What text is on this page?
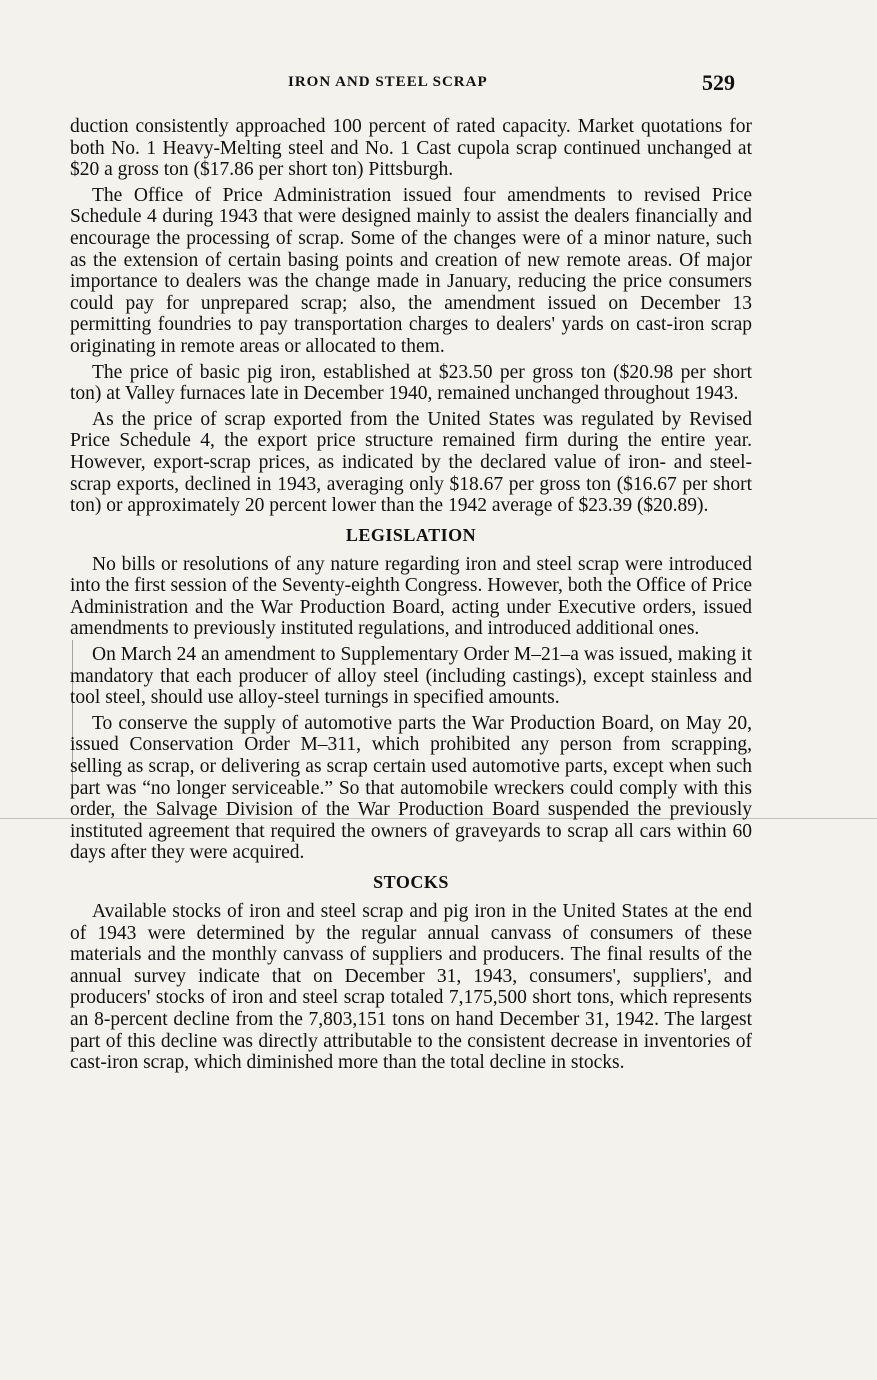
IRON AND STEEL SCRAP	529

duction consistently approached 100 percent of rated capacity. Market quotations for both No. 1 Heavy-Melting steel and No. 1 Cast cupola scrap continued unchanged at $20 a gross ton ($17.86 per short ton) Pittsburgh.

The Office of Price Administration issued four amendments to revised Price Schedule 4 during 1943 that were designed mainly to assist the dealers financially and encourage the processing of scrap. Some of the changes were of a minor nature, such as the extension of certain basing points and creation of new remote areas. Of major importance to dealers was the change made in January, reducing the price consumers could pay for unprepared scrap; also, the amendment issued on December 13 permitting foundries to pay transportation charges to dealers' yards on cast-iron scrap originating in remote areas or allocated to them.

The price of basic pig iron, established at $23.50 per gross ton ($20.98 per short ton) at Valley furnaces late in December 1940, remained unchanged throughout 1943.

As the price of scrap exported from the United States was regulated by Revised Price Schedule 4, the export price structure remained firm during the entire year. However, export-scrap prices, as indicated by the declared value of iron- and steel-scrap exports, declined in 1943, averaging only $18.67 per gross ton ($16.67 per short ton) or approximately 20 percent lower than the 1942 average of $23.39 ($20.89).

LEGISLATION

No bills or resolutions of any nature regarding iron and steel scrap were introduced into the first session of the Seventy-eighth Congress. However, both the Office of Price Administration and the War Production Board, acting under Executive orders, issued amendments to previously instituted regulations, and introduced additional ones.

On March 24 an amendment to Supplementary Order M–21–a was issued, making it mandatory that each producer of alloy steel (including castings), except stainless and tool steel, should use alloy-steel turnings in specified amounts.

To conserve the supply of automotive parts the War Production Board, on May 20, issued Conservation Order M–311, which prohibited any person from scrapping, selling as scrap, or delivering as scrap certain used automotive parts, except when such part was “no longer serviceable.” So that automobile wreckers could comply with this order, the Salvage Division of the War Production Board suspended the previously instituted agreement that required the owners of graveyards to scrap all cars within 60 days after they were acquired.

STOCKS

Available stocks of iron and steel scrap and pig iron in the United States at the end of 1943 were determined by the regular annual canvass of consumers of these materials and the monthly canvass of suppliers and producers. The final results of the annual survey indicate that on December 31, 1943, consumers', suppliers', and producers' stocks of iron and steel scrap totaled 7,175,500 short tons, which represents an 8-percent decline from the 7,803,151 tons on hand December 31, 1942. The largest part of this decline was directly attributable to the consistent decrease in inventories of cast-iron scrap, which diminished more than the total decline in stocks.
